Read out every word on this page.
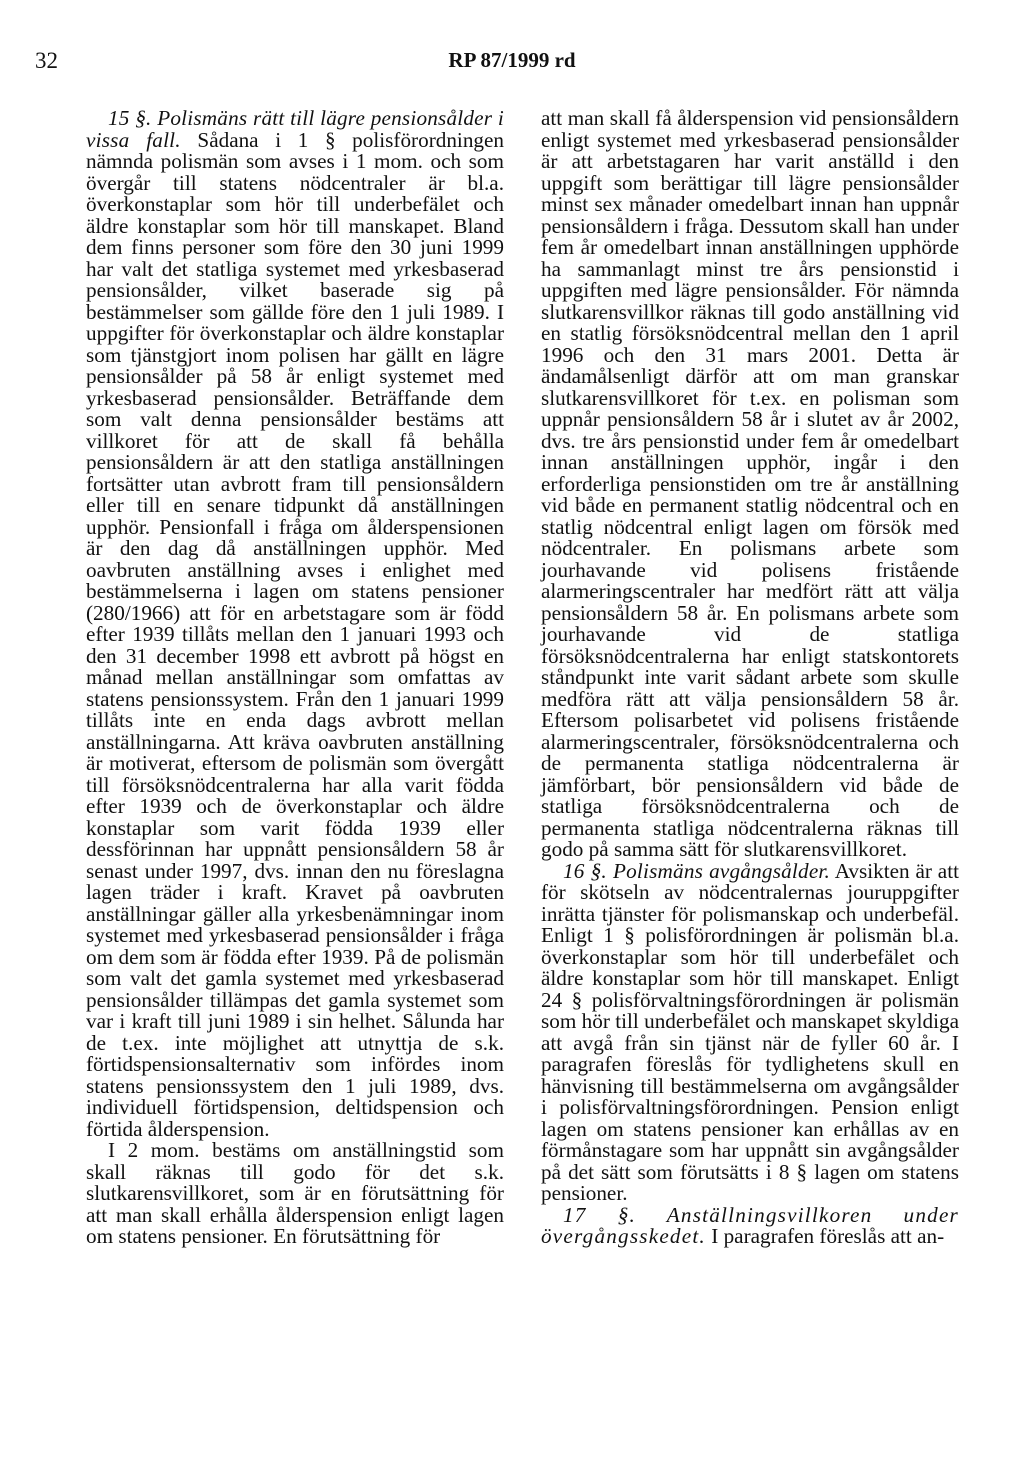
32	RP 87/1999 rd

15 §. Polismäns rätt till lägre pensionsålder i vissa fall. Sådana i 1 § polisförordningen nämnda polismän som avses i 1 mom. och som övergår till statens nödcentraler är bl.a. överkonstaplar som hör till underbefälet och äldre konstaplar som hör till manskapet. Bland dem finns personer som före den 30 juni 1999 har valt det statliga systemet med yrkesbaserad pensionsålder, vilket baserade sig på bestämmelser som gällde före den 1 juli 1989. I uppgifter för överkonstaplar och äldre konstaplar som tjänstgjort inom polisen har gällt en lägre pensionsålder på 58 år enligt systemet med yrkesbaserad pensionsålder. Beträffande dem som valt denna pensionsålder bestäms att villkoret för att de skall få behålla pensionsåldern är att den statliga anställningen fortsätter utan avbrott fram till pensionsåldern eller till en senare tidpunkt då anställningen upphör. Pensionfall i fråga om ålderspensionen är den dag då anställningen upphör. Med oavbruten anställning avses i enlighet med bestämmelserna i lagen om statens pensioner (280/1966) att för en arbetstagare som är född efter 1939 tillåts mellan den 1 januari 1993 och den 31 december 1998 ett avbrott på högst en månad mellan anställningar som omfattas av statens pensionssystem. Från den 1 januari 1999 tillåts inte en enda dags avbrott mellan anställningarna. Att kräva oavbruten anställning är motiverat, eftersom de polismän som övergått till försöksnödcentralerna har alla varit födda efter 1939 och de överkonstaplar och äldre konstaplar som varit födda 1939 eller dessförinnan har uppnått pensionsåldern 58 år senast under 1997, dvs. innan den nu föreslagna lagen träder i kraft. Kravet på oavbruten anställningar gäller alla yrkesbenämningar inom systemet med yrkesbaserad pensionsålder i fråga om dem som är födda efter 1939. På de polismän som valt det gamla systemet med yrkesbaserad pensionsålder tillämpas det gamla systemet som var i kraft till juni 1989 i sin helhet. Sålunda har de t.ex. inte möjlighet att utnyttja de s.k. förtidspensionsalternativ som infördes inom statens pensionssystem den 1 juli 1989, dvs. individuell förtidspension, deltidspension och förtida ålderspension.

I 2 mom. bestäms om anställningstid som skall räknas till godo för det s.k. slutkarensvillkoret, som är en förutsättning för att man skall erhålla ålderspension enligt lagen om statens pensioner. En förutsättning för

att man skall få ålderspension vid pensionsåldern enligt systemet med yrkesbaserad pensionsålder är att arbetstagaren har varit anställd i den uppgift som berättigar till lägre pensionsålder minst sex månader omedelbart innan han uppnår pensionsåldern i fråga. Dessutom skall han under fem år omedelbart innan anställningen upphörde ha sammanlagt minst tre års pensionstid i uppgiften med lägre pensionsålder. För nämnda slutkarensvillkor räknas till godo anställning vid en statlig försöksnödcentral mellan den 1 april 1996 och den 31 mars 2001. Detta är ändamålsenligt därför att om man granskar slutkarensvillkoret för t.ex. en polisman som uppnår pensionsåldern 58 år i slutet av år 2002, dvs. tre års pensionstid under fem år omedelbart innan anställningen upphör, ingår i den erforderliga pensionstiden om tre år anställning vid både en permanent statlig nödcentral och en statlig nödcentral enligt lagen om försök med nödcentraler. En polismans arbete som jourhavande vid polisens fristående alarmeringscentraler har medfört rätt att välja pensionsåldern 58 år. En polismans arbete som jourhavande vid de statliga försöksnödcentralerna har enligt statskontorets ståndpunkt inte varit sådant arbete som skulle medföra rätt att välja pensionsåldern 58 år. Eftersom polisarbetet vid polisens fristående alarmeringscentraler, försöksnödcentralerna och de permanenta statliga nödcentralerna är jämförbart, bör pensionsåldern vid både de statliga försöksnödcentralerna och de permanenta statliga nödcentralerna räknas till godo på samma sätt för slutkarensvillkoret.

16 §. Polismäns avgångsålder. Avsikten är att för skötseln av nödcentralernas jouruppgifter inrätta tjänster för polismanskap och underbefäl. Enligt 1 § polisförordningen är polismän bl.a. överkonstaplar som hör till underbefälet och äldre konstaplar som hör till manskapet. Enligt 24 § polisförvaltningsförordningen är polismän som hör till underbefälet och manskapet skyldiga att avgå från sin tjänst när de fyller 60 år. I paragrafen föreslås för tydlighetens skull en hänvisning till bestämmelserna om avgångsålder i polisförvaltningsförordningen. Pension enligt lagen om statens pensioner kan erhållas av en förmånstagare som har uppnått sin avgångsålder på det sätt som förutsätts i 8 § lagen om statens pensioner.

17 §. Anställningsvillkoren under övergångsskedet. I paragrafen föreslås att an-
